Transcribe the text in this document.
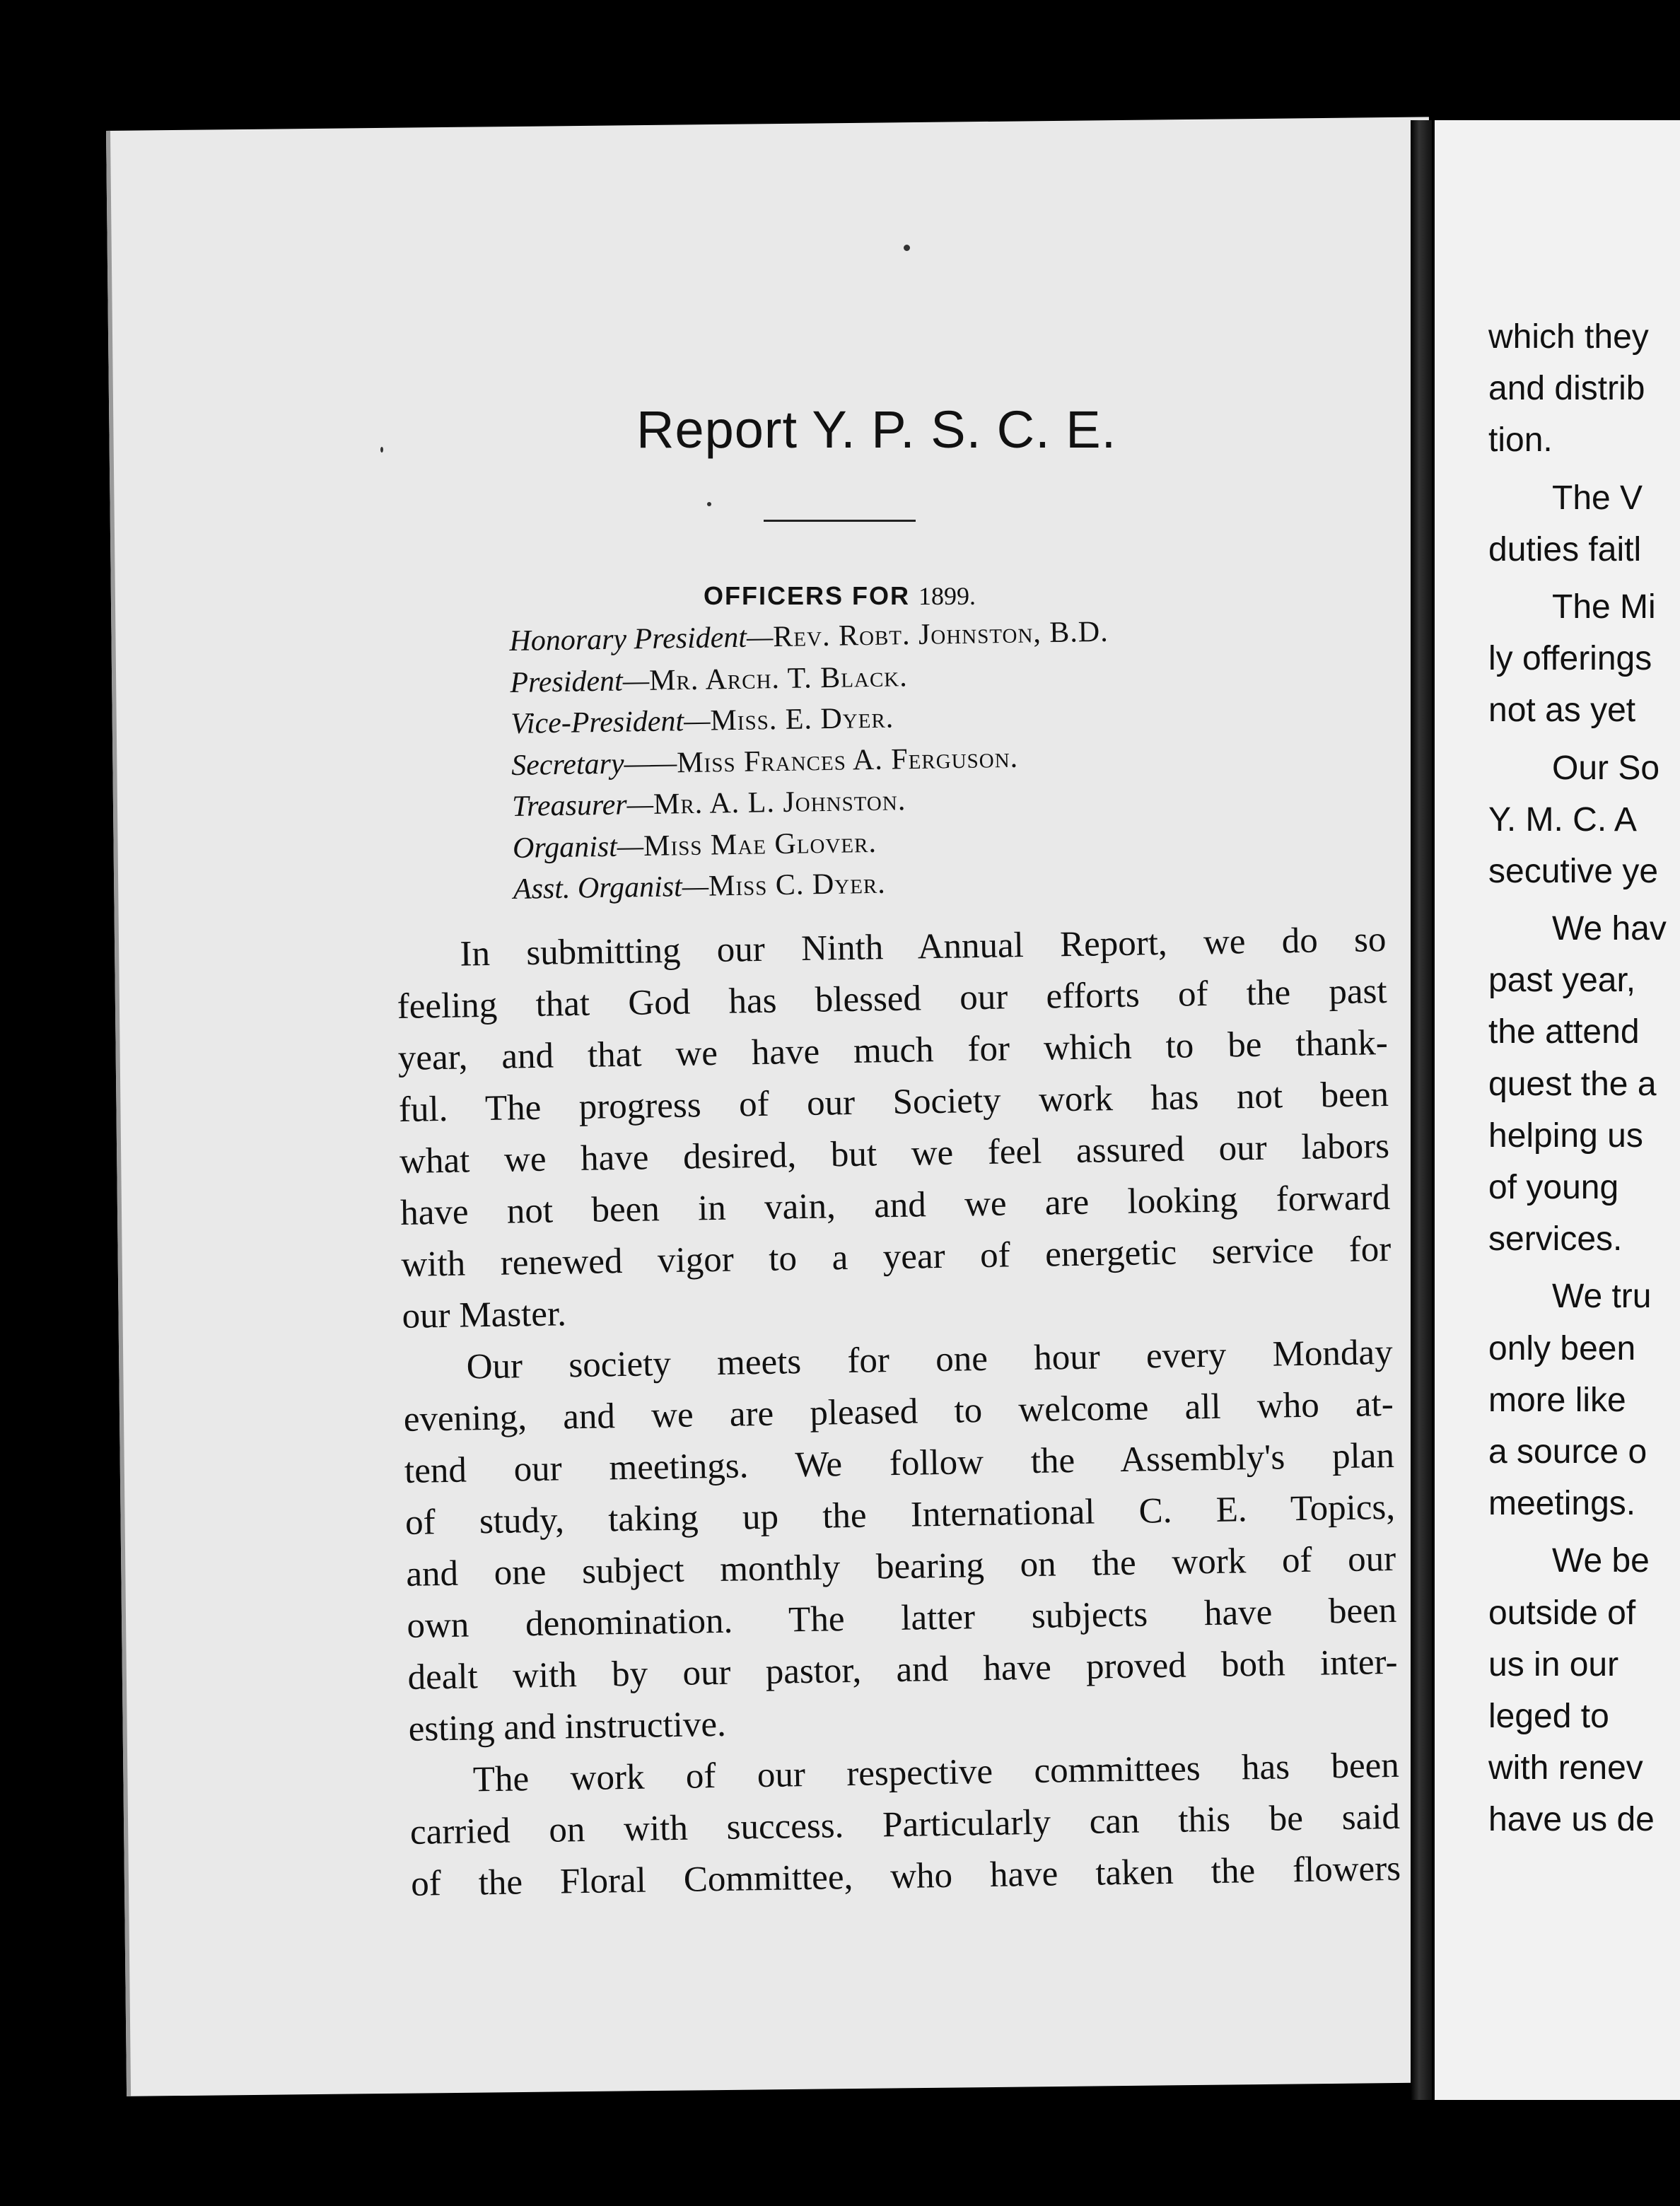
Report Y. P. S. C. E.
OFFICERS FOR 1899.
Honorary President—Rev. Robt. Johnston, B.D.
President—Mr. Arch. T. Black.
Vice-President—Miss. E. Dyer.
Secretary——Miss Frances A. Ferguson.
Treasurer—Mr. A. L. Johnston.
Organist—Miss Mae Glover.
Asst. Organist—Miss C. Dyer.

In submitting our Ninth Annual Report, we do so
feeling that God has blessed our efforts of the past
year, and that we have much for which to be thank-
ful. The progress of our Society work has not been
what we have desired, but we feel assured our labors
have not been in vain, and we are looking forward
with renewed vigor to a year of energetic service for
our Master.

Our society meets for one hour every Monday
evening, and we are pleased to welcome all who at-
tend our meetings. We follow the Assembly's plan
of study, taking up the International C. E. Topics,
and one subject monthly bearing on the work of our
own denomination. The latter subjects have been
dealt with by our pastor, and have proved both inter-
esting and instructive.

The work of our respective committees has been
carried on with success. Particularly can this be said
of the Floral Committee, who have taken the flowers

which they
and distrib
tion.
The V
duties faitl
The Mi
ly offerings
not as yet
Our So
Y. M. C. A
secutive ye
We hav
past year,
the attend
quest the a
helping us
of young
services.
We tru
only been
more like
a source o
meetings.
We be
outside of
us in our
leged to
with renev
have us de
